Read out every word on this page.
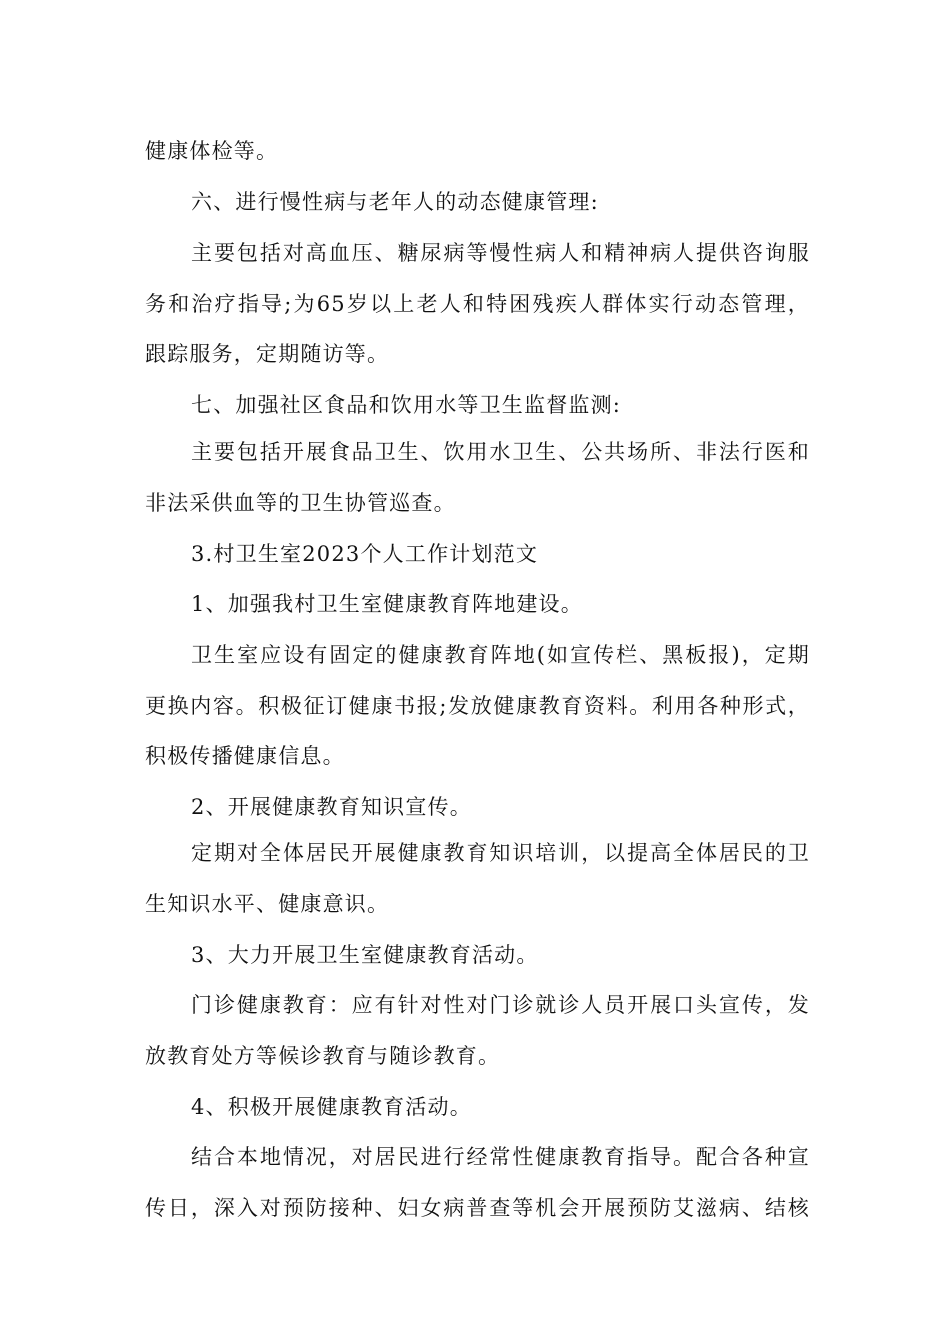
健康体检等。
六、进行慢性病与老年人的动态健康管理:
主要包括对高血压、糖尿病等慢性病人和精神病人提供咨询服
务和治疗指导;为65岁以上老人和特困残疾人群体实行动态管理，
跟踪服务，定期随访等。
七、加强社区食品和饮用水等卫生监督监测:
主要包括开展食品卫生、饮用水卫生、公共场所、非法行医和
非法采供血等的卫生协管巡查。
3.村卫生室2023个人工作计划范文
1、加强我村卫生室健康教育阵地建设。
卫生室应设有固定的健康教育阵地(如宣传栏、黑板报)，定期
更换内容。积极征订健康书报;发放健康教育资料。利用各种形式，
积极传播健康信息。
2、开展健康教育知识宣传。
定期对全体居民开展健康教育知识培训，以提高全体居民的卫
生知识水平、健康意识。
3、大力开展卫生室健康教育活动。
门诊健康教育：应有针对性对门诊就诊人员开展口头宣传，发
放教育处方等候诊教育与随诊教育。
4、积极开展健康教育活动。
结合本地情况，对居民进行经常性健康教育指导。配合各种宣
传日，深入对预防接种、妇女病普查等机会开展预防艾滋病、结核
